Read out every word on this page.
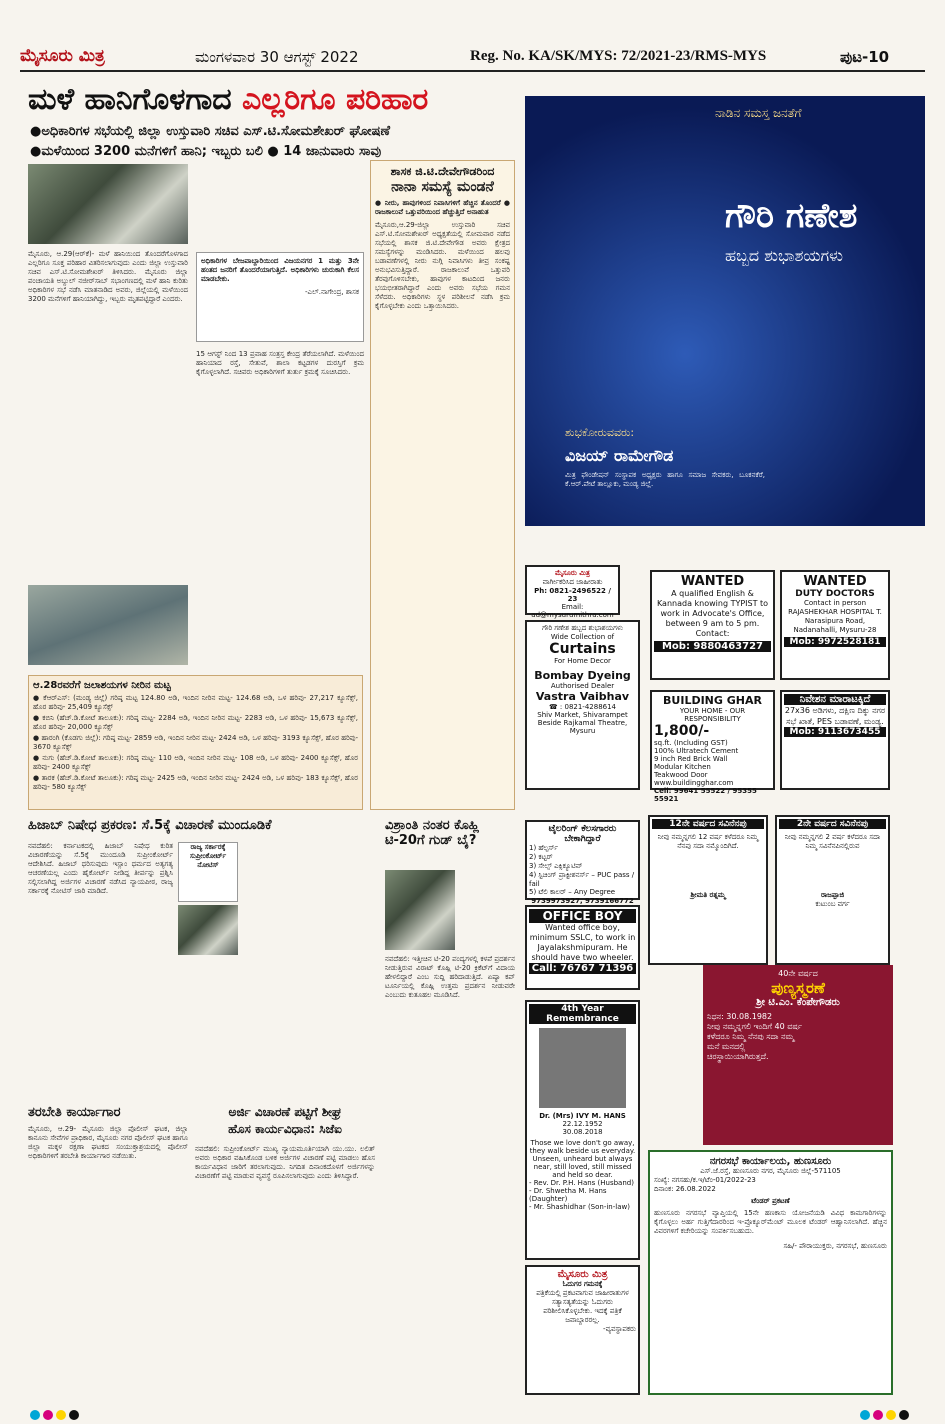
ಮೈಸೂರು ಮಿತ್ರ	ಮಂಗಳವಾರ 30 ಆಗಸ್ಟ್ 2022	Reg. No. KA/SK/MYS: 72/2021-23/RMS-MYS	ಪುಟ-10
ಮಳೆ ಹಾನಿಗೊಳಗಾದ ಎಲ್ಲರಿಗೂ ಪರಿಹಾರ
●ಅಧಿಕಾರಿಗಳ ಸಭೆಯಲ್ಲಿ ಜಿಲ್ಲಾ ಉಸ್ತುವಾರಿ ಸಚಿವ ಎಸ್.ಟಿ.ಸೋಮಶೇಖರ್ ಘೋಷಣೆ
●ಮಳೆಯಿಂದ 3200 ಮನೆಗಳಿಗೆ ಹಾನಿ; ಇಬ್ಬರು ಬಲಿ ● 14 ಜಾನುವಾರು ಸಾವು
ಮೈಸೂರು, ಆ.29(ಆರ್‌ಕೆ)- ಮಳೆ ಹಾನಿಯಿಂದ ತೊಂದರೆಗೊಳಗಾದ ಎಲ್ಲರಿಗೂ ಸೂಕ್ತ ಪರಿಹಾರ ವಿತರಿಸಲಾಗುವುದು ಎಂದು ಜಿಲ್ಲಾ ಉಸ್ತುವಾರಿ ಸಚಿವ ಎಸ್.ಟಿ.ಸೋಮಶೇಖರ್ ತಿಳಿಸಿದರು. ಮೈಸೂರು ಜಿಲ್ಲಾ ಪಂಚಾಯತಿ ಅಬ್ದುಲ್ ನಜೀರ್‌ಸಾಬ್ ಸಭಾಂಗಣದಲ್ಲಿ ಮಳೆ ಹಾನಿ ಕುರಿತು ಅಧಿಕಾರಿಗಳ ಸಭೆ ನಡೆಸಿ ಮಾತನಾಡಿದ ಅವರು, ಜಿಲ್ಲೆಯಲ್ಲಿ ಮಳೆಯಿಂದ 3200 ಮನೆಗಳಿಗೆ ಹಾನಿಯಾಗಿದ್ದು, ಇಬ್ಬರು ಮೃತಪಟ್ಟಿದ್ದಾರೆ ಎಂದರು.
ಅಧಿಕಾರಿಗಳ ಬೇಜವಾಬ್ದಾರಿಯಿಂದ ವಿಜಯನಗರ 1 ಮತ್ತು 3ನೇ ಹಂತದ ಜನರಿಗೆ ತೊಂದರೆಯಾಗುತ್ತಿದೆ. ಅಧಿಕಾರಿಗಳು ಚುರುಕಾಗಿ ಕೆಲಸ ಮಾಡಬೇಕು.
-ಎಲ್.ನಾಗೇಂದ್ರ, ಶಾಸಕ
15 ಆಗಸ್ಟ್ ನಿಂದ 13 ಪ್ರವಾಹ ಸಂತ್ರಸ್ತ ಕೇಂದ್ರ ತೆರೆಯಲಾಗಿದೆ. ಮಳೆಯಿಂದ ಹಾನಿಯಾದ ರಸ್ತೆ, ಸೇತುವೆ, ಶಾಲಾ ಕಟ್ಟಡಗಳ ದುರಸ್ತಿಗೆ ಕ್ರಮ ಕೈಗೊಳ್ಳಲಾಗಿದೆ. ಸಚಿವರು ಅಧಿಕಾರಿಗಳಿಗೆ ತುರ್ತು ಕ್ರಮಕ್ಕೆ ಸೂಚಿಸಿದರು.
ಆ.28ರವರೆಗೆ ಜಲಾಶಯಗಳ ನೀರಿನ ಮಟ್ಟ
● ಕೆಆರ್‌ಎಸ್: (ಮಂಡ್ಯ ಜಿಲ್ಲೆ) ಗರಿಷ್ಠ ಮಟ್ಟ 124.80 ಅಡಿ, ಇಂದಿನ ನೀರಿನ ಮಟ್ಟ- 124.68 ಅಡಿ, ಒಳ ಹರಿವು- 27,217 ಕ್ಯೂಸೆಕ್ಸ್, ಹೊರ ಹರಿವು- 25,409 ಕ್ಯೂಸೆಕ್ಸ್
● ಕಬಿನಿ (ಹೆಚ್.ಡಿ.ಕೋಟೆ ತಾಲೂಕು): ಗರಿಷ್ಠ ಮಟ್ಟ- 2284 ಅಡಿ, ಇಂದಿನ ನೀರಿನ ಮಟ್ಟ- 2283 ಅಡಿ, ಒಳ ಹರಿವು- 15,673 ಕ್ಯೂಸೆಕ್ಸ್, ಹೊರ ಹರಿವು- 20,000 ಕ್ಯೂಸೆಕ್ಸ್
● ಹಾರಂಗಿ (ಕೊಡಗು ಜಿಲ್ಲೆ): ಗರಿಷ್ಠ ಮಟ್ಟ- 2859 ಅಡಿ, ಇಂದಿನ ನೀರಿನ ಮಟ್ಟ- 2424 ಅಡಿ, ಒಳ ಹರಿವು- 3193 ಕ್ಯೂಸೆಕ್ಸ್, ಹೊರ ಹರಿವು- 3670 ಕ್ಯೂಸೆಕ್ಸ್
● ನುಗು (ಹೆಚ್.ಡಿ.ಕೋಟೆ ತಾಲೂಕು): ಗರಿಷ್ಠ ಮಟ್ಟ- 110 ಅಡಿ, ಇಂದಿನ ನೀರಿನ ಮಟ್ಟ- 108 ಅಡಿ, ಒಳ ಹರಿವು- 2400 ಕ್ಯೂಸೆಕ್ಸ್, ಹೊರ ಹರಿವು- 2400 ಕ್ಯೂಸೆಕ್ಸ್
● ತಾರಕ (ಹೆಚ್.ಡಿ.ಕೋಟೆ ತಾಲೂಕು): ಗರಿಷ್ಠ ಮಟ್ಟ- 2425 ಅಡಿ, ಇಂದಿನ ನೀರಿನ ಮಟ್ಟ- 2424 ಅಡಿ, ಒಳ ಹರಿವು- 183 ಕ್ಯೂಸೆಕ್ಸ್, ಹೊರ ಹರಿವು- 580 ಕ್ಯೂಸೆಕ್ಸ್
ಶಾಸಕ ಜಿ.ಟಿ.ದೇವೇಗೌಡರಿಂದ
ನಾನಾ ಸಮಸ್ಯೆ ಮಂಡನೆ
● ನೀರು, ಹಾವುಗಳಿಂದ ನಿವಾಸಿಗಳಿಗೆ ಹೆಚ್ಚಿನ ತೊಂದರೆ ● ರಾಜಕಾಲುವೆ ಒತ್ತುವರಿಯಿಂದ ಹೆಚ್ಚುತ್ತಿದೆ ಅನಾಹುತ
ಮೈಸೂರು,ಆ.29-ಜಿಲ್ಲಾ ಉಸ್ತುವಾರಿ ಸಚಿವ ಎಸ್.ಟಿ.ಸೋಮಶೇಖರ್ ಅಧ್ಯಕ್ಷತೆಯಲ್ಲಿ ಸೋಮವಾರ ನಡೆದ ಸಭೆಯಲ್ಲಿ ಶಾಸಕ ಜಿ.ಟಿ.ದೇವೇಗೌಡ ಅವರು ಕ್ಷೇತ್ರದ ಸಮಸ್ಯೆಗಳನ್ನು ಮಂಡಿಸಿದರು. ಮಳೆಯಿಂದ ಹಲವು ಬಡಾವಣೆಗಳಲ್ಲಿ ನೀರು ನುಗ್ಗಿ ನಿವಾಸಿಗಳು ತೀವ್ರ ಸಂಕಷ್ಟ ಅನುಭವಿಸುತ್ತಿದ್ದಾರೆ. ರಾಜಕಾಲುವೆ ಒತ್ತುವರಿ ತೆರವುಗೊಳಿಸಬೇಕು, ಹಾವುಗಳ ಕಾಟದಿಂದ ಜನರು ಭಯಭೀತರಾಗಿದ್ದಾರೆ ಎಂದು ಅವರು ಸಭೆಯ ಗಮನ ಸೆಳೆದರು. ಅಧಿಕಾರಿಗಳು ಸ್ಥಳ ಪರಿಶೀಲನೆ ನಡೆಸಿ ಕ್ರಮ ಕೈಗೊಳ್ಳಬೇಕು ಎಂದು ಒತ್ತಾಯಿಸಿದರು.
ನಾಡಿನ ಸಮಸ್ತ ಜನತೆಗೆ
ಗೌರಿ ಗಣೇಶ
ಹಬ್ಬದ ಶುಭಾಶಯಗಳು
ಶುಭಕೋರುವವರು:
ವಿಜಯ್ ರಾಮೇಗೌಡ
ಮಿತ್ರ ಫೌಂಡೇಷನ್ ಸಂಸ್ಥಾಪಕ ಅಧ್ಯಕ್ಷರು ಹಾಗೂ ಸಮಾಜ ಸೇವಕರು, ಬೂಕನಕೆರೆ, ಕೆ.ಆರ್.ಪೇಟೆ ತಾಲ್ಲೂಕು, ಮಂಡ್ಯ ಜಿಲ್ಲೆ.
ಮೈಸೂರು ಮಿತ್ರ
ವಾರ್ಗೀಕರಿಸಿದ ಜಾಹೀರಾತು
Ph: 0821-2496522 / 23
Email: ad@mysurumithra.com
WANTED
A qualified English & Kannada knowing TYPIST to work in Advocate's Office, between 9 am to 5 pm. Contact:
Mob: 9880463727
WANTED
DUTY DOCTORS
Contact in person RAJASHEKHAR HOSPITAL T. Narasipura Road, Nadanahalli, Mysuru-28
Mob: 9972528181
ಗೌರಿ ಗಣೇಶ ಹಬ್ಬದ ಶುಭಾಶಯಗಳು
Wide Collection of
Curtains
For Home Decor
Bombay Dyeing
Authorised Dealer
Vastra Vaibhav
☎ : 0821-4288614
Shiv Market, Shivarampet Beside Rajkamal Theatre, Mysuru
BUILDING GHAR
YOUR HOME - OUR RESPONSIBILITY
1,800/-
sq.ft. (Including GST)
100% Ultratech Cement
9 inch Red Brick Wall
Modular Kitchen
Teakwood Door
www.buildingghar.com
Cell: 99641 55522 / 95355 55921
ನಿವೇಶನ ಮಾರಾಟಕ್ಕಿದೆ
27x36 ಅಡಿಗಳು, ದಕ್ಷಿಣ ದಿಕ್ಕು ನಗರ ಸಭೆ ಖಾತೆ, PES ಬಡಾವಣೆ, ಮಂಡ್ಯ.
Mob: 9113673455
ಟೈಲರಿಂಗ್ ಕೆಲಸಗಾರರು ಬೇಕಾಗಿದ್ದಾರೆ
1) ಹೆಲ್ಪರ್ಸ್
2) ಕಟ್ಟರ್
3) ಸೇಲ್ಸ್ ಎಕ್ಸಿಕ್ಯೂಟಿವ್
4) ಸ್ಟಿಚಿಂಗ್ ಪ್ರಾಕ್ಟೀಶನರ್ಸ್ – PUC pass / fail
5) ಟೆಲಿ ಕಾಲರ್ – Any Degree
9739973927, 9739166772
OFFICE BOY
Wanted office boy, minimum SSLC, to work in Jayalakshmipuram. He should have two wheeler.
Call: 76767 71396
12ನೇ ವರ್ಷದ ಸವಿನೆನಪು
ನೀವು ನಮ್ಮನ್ನಗಲಿ 12 ವರ್ಷ ಕಳೆದರೂ ನಿಮ್ಮ ನೆನಪು ಸದಾ ನಮ್ಮೊಂದಿಗಿದೆ.
ಶ್ರೀಮತಿ ರತ್ನಮ್ಮ
2ನೇ ವರ್ಷದ ಸವಿನೆನಪು
ನೀವು ನಮ್ಮನ್ನಗಲಿ 2 ವರ್ಷ ಕಳೆದರೂ ಸದಾ ನಿಮ್ಮ ಸವಿನೆನಪಿನಲ್ಲಿರುವ
ರಾಜಪ್ಪಾಜಿ
ಕುಟುಂಬ ವರ್ಗ
4th Year Remembrance
Dr. (Mrs) IVY M. HANS
22.12.1952
30.08.2018
Those we love don't go away, they walk beside us everyday. Unseen, unheard but always near, still loved, still missed and held so dear.
- Rev. Dr. P.H. Hans (Husband)
- Dr. Shwetha M. Hans (Daughter)
- Mr. Shashidhar (Son-in-law)
ಮೈಸೂರು ಮಿತ್ರ
ಓದುಗರ ಗಮನಕ್ಕೆ
ಪತ್ರಿಕೆಯಲ್ಲಿ ಪ್ರಕಟವಾಗುವ ಜಾಹೀರಾತುಗಳ ಸತ್ಯಾಸತ್ಯತೆಯನ್ನು ಓದುಗರು ಪರಿಶೀಲಿಸಿಕೊಳ್ಳಬೇಕು. ಇದಕ್ಕೆ ಪತ್ರಿಕೆ ಜವಾಬ್ದಾರರಲ್ಲ.
-ವ್ಯವಸ್ಥಾಪಕರು
40ನೇ ವರ್ಷದ
ಪುಣ್ಯಸ್ಮರಣೆ
ಶ್ರೀ ಟಿ.ಎಂ. ಕೆಂಪೇಗೌಡರು
ನಿಧನ: 30.08.1982
ನೀವು ನಮ್ಮನ್ನಗಲಿ ಇಂದಿಗೆ 40 ವರ್ಷ ಕಳೆದರೂ ನಿಮ್ಮ ನೆನಪು ಸದಾ ನಮ್ಮ ಮನೆ ಮನದಲ್ಲಿ ಚಿರಸ್ಥಾಯಿಯಾಗಿರುತ್ತದೆ.
ನಗರಸಭೆ ಕಾರ್ಯಾಲಯ, ಹುಣಸೂರು
ಎಸ್.ಜೆ.ರಸ್ತೆ, ಹುಣಸೂರು ನಗರ, ಮೈಸೂರು ಜಿಲ್ಲೆ-571105
ಸಂಖ್ಯೆ: ನಗಸಹು/ಕ.ಇ/ಟೆಂ-01/2022-23
ದಿನಾಂಕ: 26.08.2022
ಟೆಂಡರ್ ಪ್ರಕಟಣೆ
ಹುಣಸೂರು ನಗರಸಭೆ ವ್ಯಾಪ್ತಿಯಲ್ಲಿ 15ನೇ ಹಣಕಾಸು ಯೋಜನೆಯಡಿ ವಿವಿಧ ಕಾಮಗಾರಿಗಳನ್ನು ಕೈಗೊಳ್ಳಲು ಅರ್ಹ ಗುತ್ತಿಗೆದಾರರಿಂದ ಇ-ಪ್ರೊಕ್ಯೂರ್‌ಮೆಂಟ್ ಮೂಲಕ ಟೆಂಡರ್ ಆಹ್ವಾನಿಸಲಾಗಿದೆ. ಹೆಚ್ಚಿನ ವಿವರಗಳಿಗೆ ಕಚೇರಿಯನ್ನು ಸಂಪರ್ಕಿಸಬಹುದು.
ಸಹಿ/- ಪೌರಾಯುಕ್ತರು, ನಗರಸಭೆ, ಹುಣಸೂರು
ಹಿಜಾಬ್ ನಿಷೇಧ ಪ್ರಕರಣ: ಸೆ.5ಕ್ಕೆ ವಿಚಾರಣೆ ಮುಂದೂಡಿಕೆ
ನವದೆಹಲಿ: ಕರ್ನಾಟಕದಲ್ಲಿ ಹಿಜಾಬ್ ನಿಷೇಧ ಕುರಿತ ವಿಚಾರಣೆಯನ್ನು ಸೆ.5ಕ್ಕೆ ಮುಂದೂಡಿ ಸುಪ್ರೀಂಕೋರ್ಟ್ ಆದೇಶಿಸಿದೆ. ಹಿಜಾಬ್ ಧರಿಸುವುದು ಇಸ್ಲಾಂ ಧರ್ಮದ ಅತ್ಯಗತ್ಯ ಆಚರಣೆಯಲ್ಲ ಎಂದು ಹೈಕೋರ್ಟ್ ನೀಡಿದ್ದ ತೀರ್ಪನ್ನು ಪ್ರಶ್ನಿಸಿ ಸಲ್ಲಿಸಲಾಗಿದ್ದ ಅರ್ಜಿಗಳ ವಿಚಾರಣೆ ನಡೆಸಿದ ನ್ಯಾಯಪೀಠ, ರಾಜ್ಯ ಸರ್ಕಾರಕ್ಕೆ ನೋಟಿಸ್ ಜಾರಿ ಮಾಡಿದೆ.
ರಾಜ್ಯ ಸರ್ಕಾರಕ್ಕೆ ಸುಪ್ರೀಂಕೋರ್ಟ್ ನೋಟಿಸ್
ವಿಶ್ರಾಂತಿ ನಂತರ ಕೊಹ್ಲಿ ಟಿ-20ಗೆ ಗುಡ್ ಬೈ?
ನವದೆಹಲಿ: ಇತ್ತೀಚಿನ ಟಿ-20 ಪಂದ್ಯಗಳಲ್ಲಿ ಕಳಪೆ ಪ್ರದರ್ಶನ ನೀಡುತ್ತಿರುವ ವಿರಾಟ್ ಕೊಹ್ಲಿ ಟಿ-20 ಕ್ರಿಕೆಟ್‌ಗೆ ವಿದಾಯ ಹೇಳಲಿದ್ದಾರೆ ಎಂಬ ಸುದ್ದಿ ಹರಿದಾಡುತ್ತಿದೆ. ಏಷ್ಯಾ ಕಪ್ ಟೂರ್ನಿಯಲ್ಲಿ ಕೊಹ್ಲಿ ಉತ್ತಮ ಪ್ರದರ್ಶನ ನೀಡುವರೇ ಎಂಬುದು ಕುತೂಹಲ ಮೂಡಿಸಿದೆ.
ತರಬೇತಿ ಕಾರ್ಯಾಗಾರ
ಮೈಸೂರು, ಆ.29- ಮೈಸೂರು ಜಿಲ್ಲಾ ಪೊಲೀಸ್ ಘಟಕ, ಜಿಲ್ಲಾ ಕಾನೂನು ಸೇವೆಗಳ ಪ್ರಾಧಿಕಾರ, ಮೈಸೂರು ನಗರ ಪೊಲೀಸ್ ಘಟಕ ಹಾಗೂ ಜಿಲ್ಲಾ ಮಕ್ಕಳ ರಕ್ಷಣಾ ಘಟಕದ ಸಂಯುಕ್ತಾಶ್ರಯದಲ್ಲಿ ಪೊಲೀಸ್ ಅಧಿಕಾರಿಗಳಿಗೆ ತರಬೇತಿ ಕಾರ್ಯಾಗಾರ ನಡೆಯಿತು.
ಅರ್ಜಿ ವಿಚಾರಣೆ ಪಟ್ಟಿಗೆ ಶೀಘ್ರ
ಹೊಸ ಕಾರ್ಯವಿಧಾನ: ಸಿಜೆಐ
ನವದೆಹಲಿ: ಸುಪ್ರೀಂಕೋರ್ಟ್ ಮುಖ್ಯ ನ್ಯಾಯಮೂರ್ತಿಯಾಗಿ ಯು.ಯು. ಲಲಿತ್ ಅವರು ಅಧಿಕಾರ ವಹಿಸಿಕೊಂಡ ಬಳಿಕ ಅರ್ಜಿಗಳ ವಿಚಾರಣೆ ಪಟ್ಟಿ ಮಾಡಲು ಹೊಸ ಕಾರ್ಯವಿಧಾನ ಜಾರಿಗೆ ತರಲಾಗುವುದು. ನಿಗದಿತ ದಿನಾಂಕದೊಳಗೆ ಅರ್ಜಿಗಳನ್ನು ವಿಚಾರಣೆಗೆ ಪಟ್ಟಿ ಮಾಡುವ ವ್ಯವಸ್ಥೆ ರೂಪಿಸಲಾಗುವುದು ಎಂದು ತಿಳಿಸಿದ್ದಾರೆ.
